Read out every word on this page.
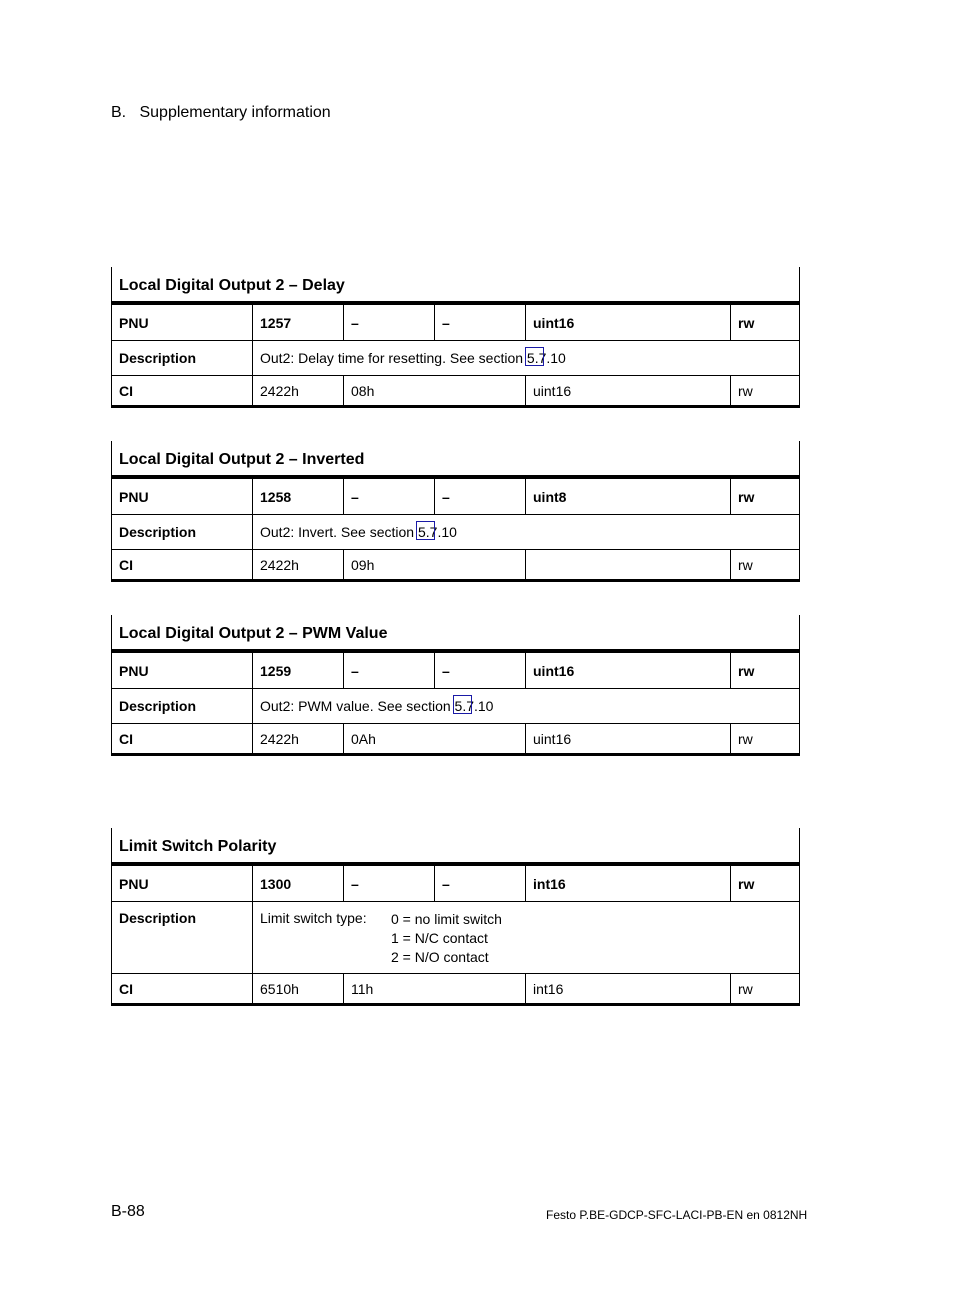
B. Supplementary information
Local Digital Output 2 – Delay					
PNU	1257	–	–	uint16	rw
Description	Out2: Delay time for resetting. See section 5.7.10				
CI	2422h	08h		uint16	rw
Local Digital Output 2 – Inverted					
PNU	1258	–	–	uint8	rw
Description	Out2: Invert. See section 5.7.10				
CI	2422h	09h			rw
Local Digital Output 2 – PWM Value					
PNU	1259	–	–	uint16	rw
Description	Out2: PWM value. See section 5.7.10				
CI	2422h	0Ah		uint16	rw
Limit Switch Polarity					
PNU	1300	–	–	int16	rw
Description	Limit switch type: 0 = no limit switch
1 = N/C contact
2 = N/O contact				

CI	6510h	11h		int16	rw
B-88	Festo P.BE-GDCP-SFC-LACI-PB-EN en 0812NH
